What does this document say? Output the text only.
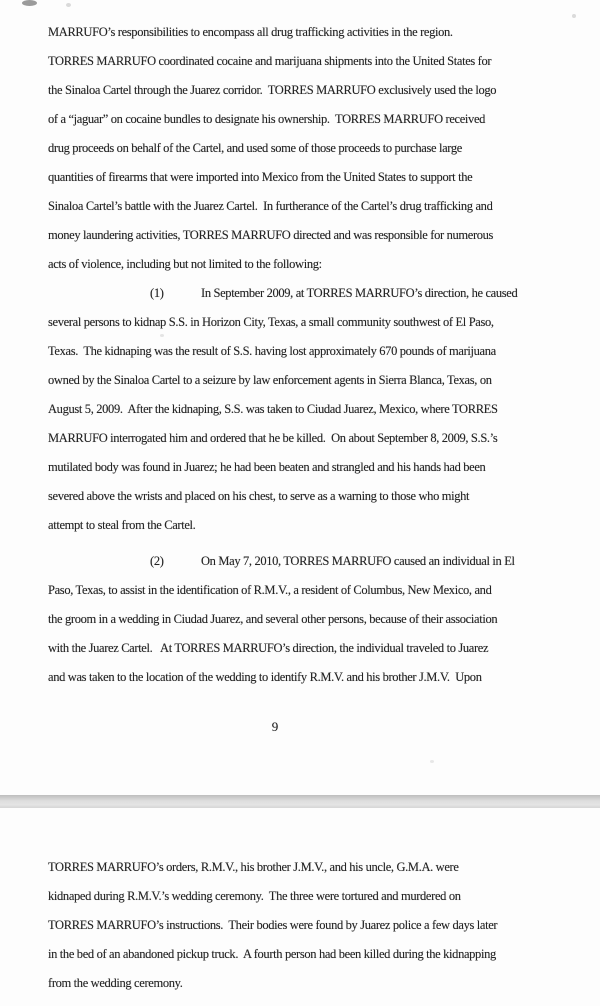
MARRUFO’s responsibilities to encompass all drug trafficking activities in the region.
TORRES MARRUFO coordinated cocaine and marijuana shipments into the United States for
the Sinaloa Cartel through the Juarez corridor.  TORRES MARRUFO exclusively used the logo
of a “jaguar” on cocaine bundles to designate his ownership.  TORRES MARRUFO received
drug proceeds on behalf of the Cartel, and used some of those proceeds to purchase large
quantities of firearms that were imported into Mexico from the United States to support the
Sinaloa Cartel’s battle with the Juarez Cartel.  In furtherance of the Cartel’s drug trafficking and
money laundering activities, TORRES MARRUFO directed and was responsible for numerous
acts of violence, including but not limited to the following:
(1)	In September 2009, at TORRES MARRUFO’s direction, he caused
several persons to kidnap S.S. in Horizon City, Texas, a small community southwest of El Paso,
Texas.  The kidnaping was the result of S.S. having lost approximately 670 pounds of marijuana
owned by the Sinaloa Cartel to a seizure by law enforcement agents in Sierra Blanca, Texas, on
August 5, 2009.  After the kidnaping, S.S. was taken to Ciudad Juarez, Mexico, where TORRES
MARRUFO interrogated him and ordered that he be killed.  On about September 8, 2009, S.S.’s
mutilated body was found in Juarez; he had been beaten and strangled and his hands had been
severed above the wrists and placed on his chest, to serve as a warning to those who might
attempt to steal from the Cartel.
(2)	On May 7, 2010, TORRES MARRUFO caused an individual in El
Paso, Texas, to assist in the identification of R.M.V., a resident of Columbus, New Mexico, and
the groom in a wedding in Ciudad Juarez, and several other persons, because of their association
with the Juarez Cartel.   At TORRES MARRUFO’s direction, the individual traveled to Juarez
and was taken to the location of the wedding to identify R.M.V. and his brother J.M.V.  Upon
9
TORRES MARRUFO’s orders, R.M.V., his brother J.M.V., and his uncle, G.M.A. were
kidnaped during R.M.V.’s wedding ceremony.  The three were tortured and murdered on
TORRES MARRUFO’s instructions.  Their bodies were found by Juarez police a few days later
in the bed of an abandoned pickup truck.  A fourth person had been killed during the kidnapping
from the wedding ceremony.
